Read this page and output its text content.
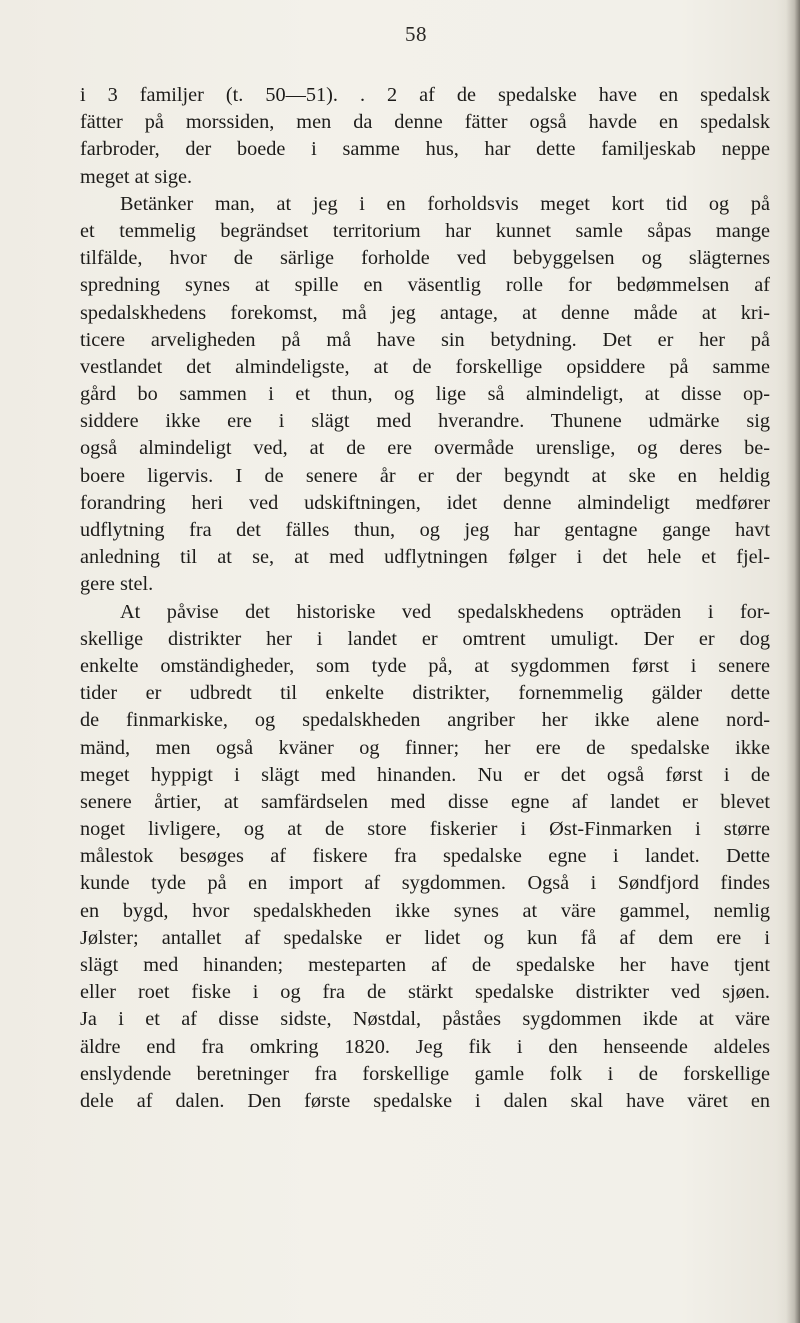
58
i 3 familjer (t. 50—51). . 2 af de spedalske have en spedalsk
fätter på morssiden, men da denne fätter også havde en spedalsk
farbroder, der boede i samme hus, har dette familjeskab neppe
meget at sige.
Betänker man, at jeg i en forholdsvis meget kort tid og på
et temmelig begrändset territorium har kunnet samle såpas mange
tilfälde, hvor de särlige forholde ved bebyggelsen og slägternes
spredning synes at spille en väsentlig rolle for bedømmelsen af
spedalskhedens forekomst, må jeg antage, at denne måde at kri-
ticere arveligheden på må have sin betydning. Det er her på
vestlandet det almindeligste, at de forskellige opsiddere på samme
gård bo sammen i et thun, og lige så almindeligt, at disse op-
siddere ikke ere i slägt med hverandre. Thunene udmärke sig
også almindeligt ved, at de ere overmåde urenslige, og deres be-
boere ligervis. I de senere år er der begyndt at ske en heldig
forandring heri ved udskiftningen, idet denne almindeligt medfører
udflytning fra det fälles thun, og jeg har gentagne gange havt
anledning til at se, at med udflytningen følger i det hele et fjel-
gere stel.
At påvise det historiske ved spedalskhedens opträden i for-
skellige distrikter her i landet er omtrent umuligt. Der er dog
enkelte omständigheder, som tyde på, at sygdommen først i senere
tider er udbredt til enkelte distrikter, fornemmelig gälder dette
de finmarkiske, og spedalskheden angriber her ikke alene nord-
mänd, men også kväner og finner; her ere de spedalske ikke
meget hyppigt i slägt med hinanden. Nu er det også først i de
senere årtier, at samfärdselen med disse egne af landet er blevet
noget livligere, og at de store fiskerier i Øst-Finmarken i større
målestok besøges af fiskere fra spedalske egne i landet. Dette
kunde tyde på en import af sygdommen. Også i Søndfjord findes
en bygd, hvor spedalskheden ikke synes at väre gammel, nemlig
Jølster; antallet af spedalske er lidet og kun få af dem ere i
slägt med hinanden; mesteparten af de spedalske her have tjent
eller roet fiske i og fra de stärkt spedalske distrikter ved sjøen.
Ja i et af disse sidste, Nøstdal, påståes sygdommen ikde at väre
äldre end fra omkring 1820. Jeg fik i den henseende aldeles
enslydende beretninger fra forskellige gamle folk i de forskellige
dele af dalen. Den første spedalske i dalen skal have väret en
